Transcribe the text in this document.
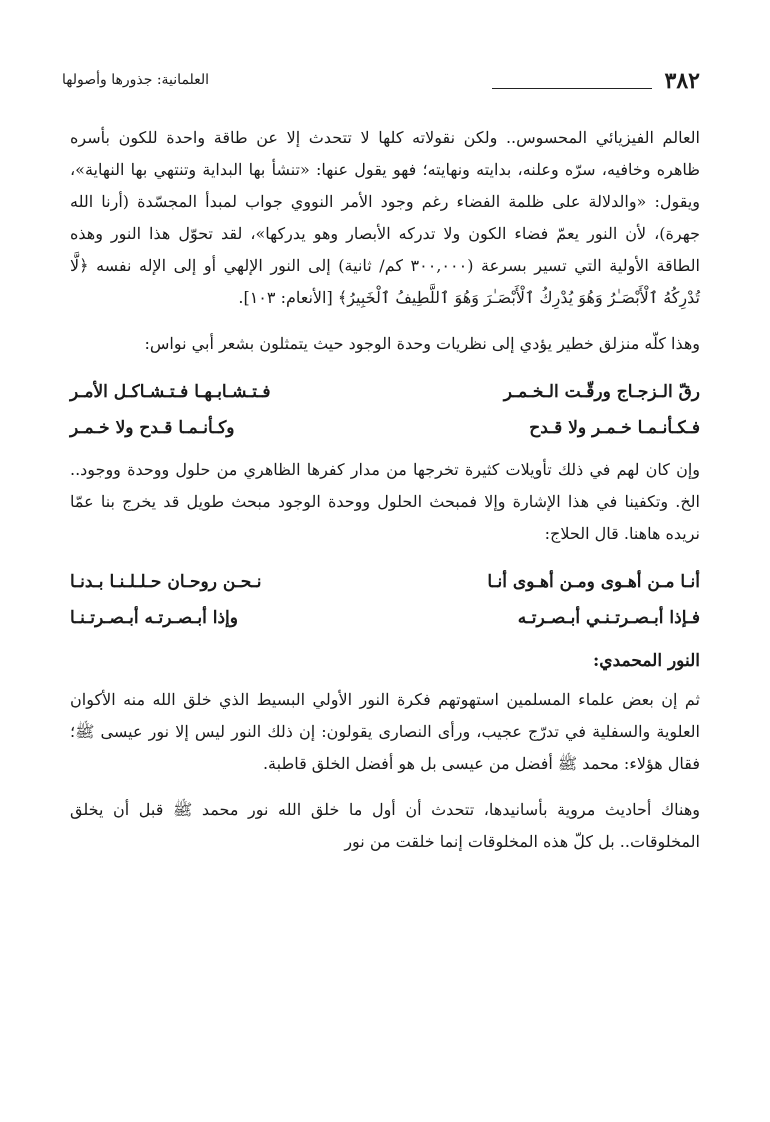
٣٨٢
العلمانية: جذورها وأصولها

العالم الفيزيائي المحسوس.. ولكن نقولاته كلها لا تتحدث إلا عن طاقة واحدة للكون بأسره ظاهره وخافيه، سرّه وعلنه، بدايته ونهايته؛ فهو يقول عنها: «تنشأ بها البداية وتنتهي بها النهاية»، ويقول: «والدلالة على ظلمة الفضاء رغم وجود الأمر النووي جواب لمبدأ المجسّدة (أرنا الله جهرة)، لأن النور يعمّ فضاء الكون ولا تدركه الأبصار وهو يدركها»، لقد تحوّل هذا النور وهذه الطاقة الأولية التي تسير بسرعة (٣٠٠,٠٠٠ كم/ ثانية) إلى النور الإلهي أو إلى الإله نفسه ﴿لَّا تُدْرِكُهُ ٱلْأَبْصَـٰرُ وَهُوَ يُدْرِكُ ٱلْأَبْصَـٰرَ وَهُوَ ٱللَّطِيفُ ٱلْخَبِيرُ﴾ [الأنعام: ١٠٣].

وهذا كلّه منزلق خطير يؤدي إلى نظريات وحدة الوجود حيث يتمثلون بشعر أبي نواس:

رقّ الـزجـاج ورقّـت الـخـمـر
فـتـشـابـهـا فـتـشـاكـل الأمـر
فـكـأنـمـا خـمـر ولا قـدح
وكـأنـمـا قـدح ولا خـمـر

وإن كان لهم في ذلك تأويلات كثيرة تخرجها من مدار كفرها الظاهري من حلول ووحدة ووجود.. الخ. وتكفينا في هذا الإشارة وإلا فمبحث الحلول ووحدة الوجود مبحث طويل قد يخرج بنا عمّا نريده هاهنا. قال الحلاج:

أنـا مـن أهـوى ومـن أهـوى أنـا
نـحـن روحـان حـلـلـنـا بـدنـا
فـإذا أبـصـرتـنـي أبـصـرتـه
وإذا أبـصـرتـه أبـصـرتـنـا
النور المحمدي:

ثم إن بعض علماء المسلمين استهوتهم فكرة النور الأولي البسيط الذي خلق الله منه الأكوان العلوية والسفلية في تدرّج عجيب، ورأى النصارى يقولون: إن ذلك النور ليس إلا نور عيسى ﷺ؛ فقال هؤلاء: محمد ﷺ أفضل من عيسى بل هو أفضل الخلق قاطبة.

وهناك أحاديث مروية بأسانيدها، تتحدث أن أول ما خلق الله نور محمد ﷺ قبل أن يخلق المخلوقات.. بل كلّ هذه المخلوقات إنما خلقت من نور
